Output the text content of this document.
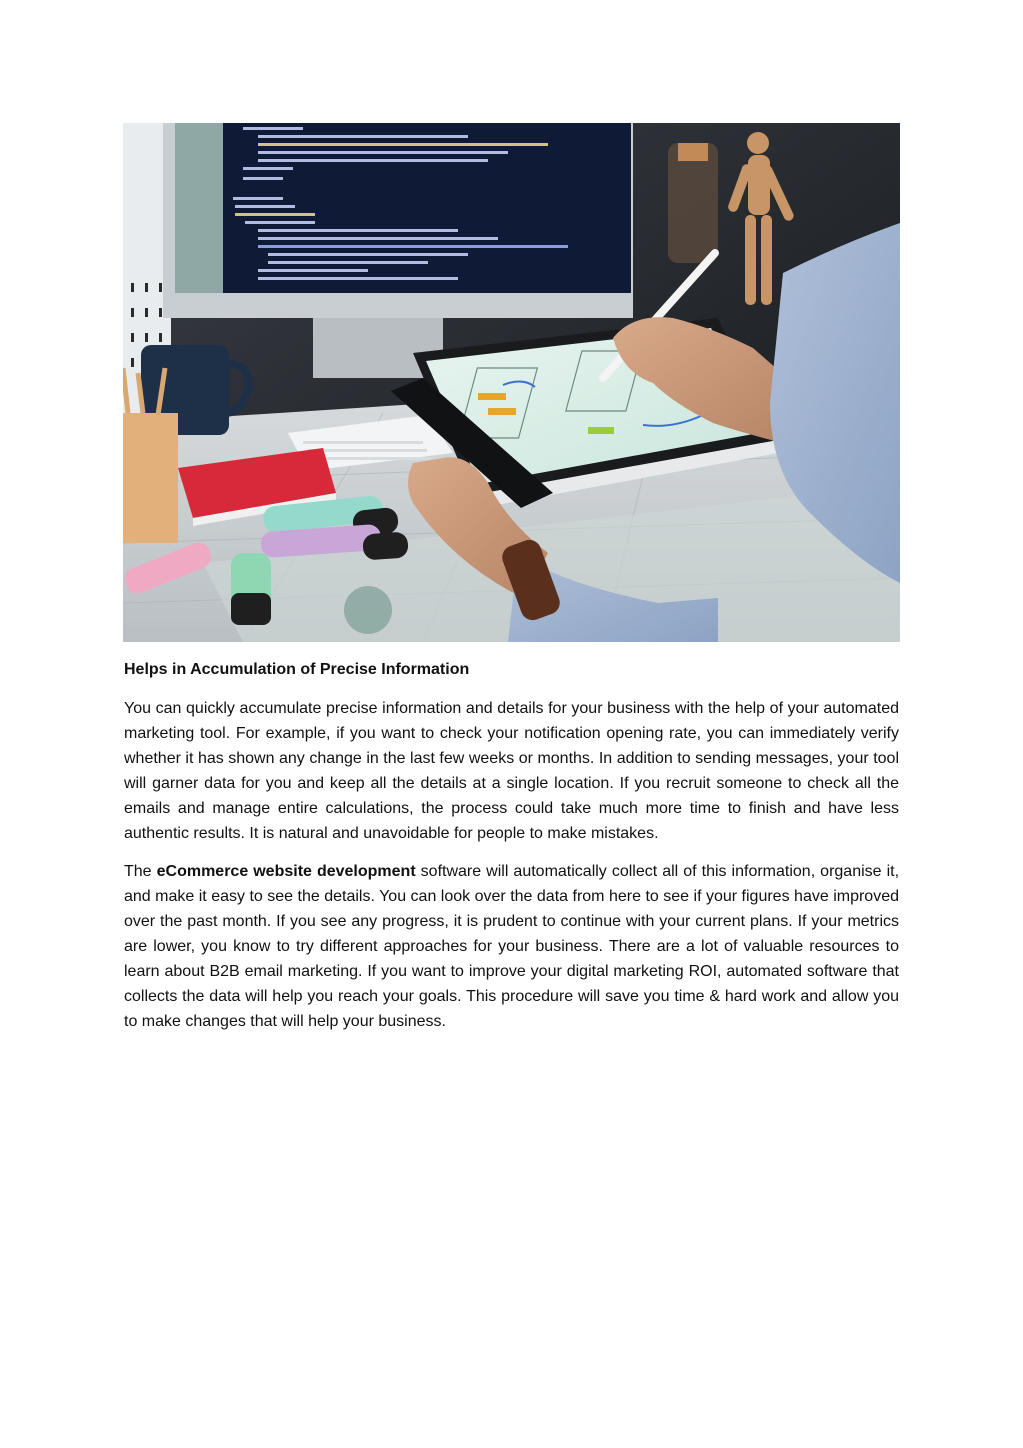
Helps in Accumulation of Precise Information

You can quickly accumulate precise information and details for your business with the help of your automated marketing tool. For example, if you want to check your notification opening rate, you can immediately verify whether it has shown any change in the last few weeks or months. In addition to sending messages, your tool will garner data for you and keep all the details at a single location. If you recruit someone to check all the emails and manage entire calculations, the process could take much more time to finish and have less authentic results. It is natural and unavoidable for people to make mistakes.

The eCommerce website development software will automatically collect all of this information, organise it, and make it easy to see the details. You can look over the data from here to see if your figures have improved over the past month. If you see any progress, it is prudent to continue with your current plans. If your metrics are lower, you know to try different approaches for your business. There are a lot of valuable resources to learn about B2B email marketing. If you want to improve your digital marketing ROI, automated software that collects the data will help you reach your goals. This procedure will save you time & hard work and allow you to make changes that will help your business.
